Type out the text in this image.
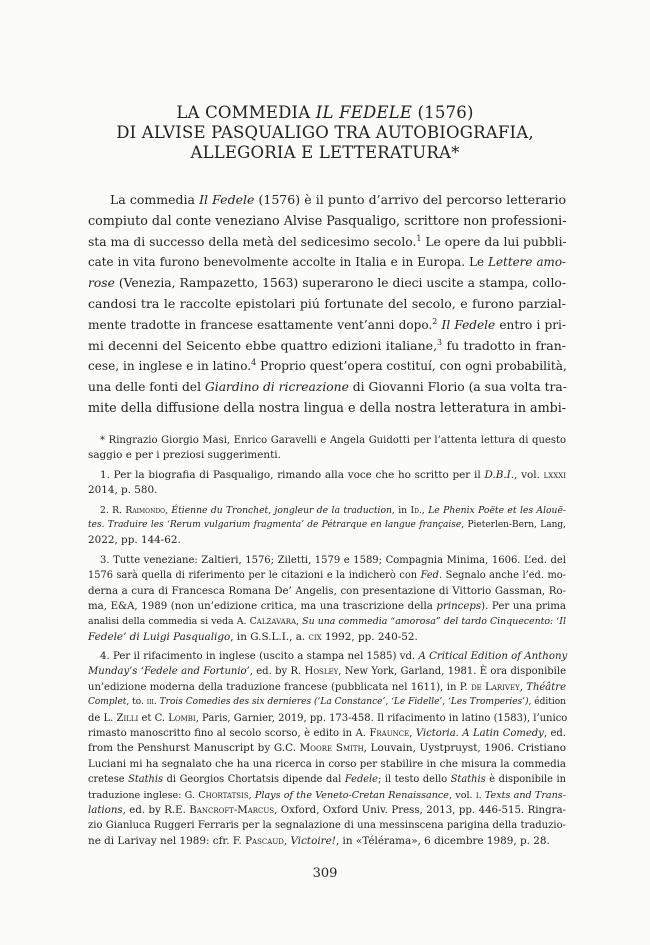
LA COMMEDIA IL FEDELE (1576)
DI ALVISE PASQUALIGO TRA AUTOBIOGRAFIA,
ALLEGORIA E LETTERATURA*
La commedia Il Fedele (1576) è il punto d’arrivo del percorso letterario
compiuto dal conte veneziano Alvise Pasqualigo, scrittore non professioni-
sta ma di successo della metà del sedicesimo secolo.$^1$ Le opere da lui pubbli-
cate in vita furono benevolmente accolte in Italia e in Europa. Le Lettere amo-
rose (Venezia, Rampazetto, 1563) superarono le dieci uscite a stampa, collo-
candosi tra le raccolte epistolari piú fortunate del secolo, e furono parzial-
mente tradotte in francese esattamente vent’anni dopo.$^2$ Il Fedele entro i pri-
mi decenni del Seicento ebbe quattro edizioni italiane,$^3$ fu tradotto in fran-
cese, in inglese e in latino.$^4$ Proprio quest’opera costituí, con ogni probabilità,
una delle fonti del Giardino di ricreazione di Giovanni Florio (a sua volta tra-
mite della diffusione della nostra lingua e della nostra letteratura in ambi-
* Ringrazio Giorgio Masi, Enrico Garavelli e Angela Guidotti per l’attenta lettura di questo
saggio e per i preziosi suggerimenti.
1. Per la biografia di Pasqualigo, rimando alla voce che ho scritto per il D.B.I., vol. lxxxi
2014, p. 580.
2. R. Raimondo, Étienne du Tronchet, jongleur de la traduction, in Id., Le Phenix Poëte et les Alouë-
tes. Traduire les ‘Rerum vulgarium fragmenta’ de Pétrarque en langue française, Pieterlen-Bern, Lang,
2022, pp. 144-62.
3. Tutte veneziane: Zaltieri, 1576; Ziletti, 1579 e 1589; Compagnia Minima, 1606. L’ed. del
1576 sarà quella di riferimento per le citazioni e la indicherò con Fed. Segnalo anche l’ed. mo-
derna a cura di Francesca Romana De’ Angelis, con presentazione di Vittorio Gassman, Ro-
ma, E&A, 1989 (non un’edizione critica, ma una trascrizione della princeps). Per una prima
analisi della commedia si veda A. Calzavara, Su una commedia “amorosa” del tardo Cinquecento: ‘Il
Fedele’ di Luigi Pasqualigo, in G.S.L.I., a. cix 1992, pp. 240-52.
4. Per il rifacimento in inglese (uscito a stampa nel 1585) vd. A Critical Edition of Anthony
Munday’s ‘Fedele and Fortunio’, ed. by R. Hosley, New York, Garland, 1981. È ora disponibile
un’edizione moderna della traduzione francese (pubblicata nel 1611), in P. de Larivey, Théâtre
Complet, to. iii. Trois Comedies des six dernieres (‘La Constance’, ‘Le Fidelle’, ‘Les Tromperies’), édition
de L. Zilli et C. Lombi, Paris, Garnier, 2019, pp. 173-458. Il rifacimento in latino (1583), l’unico
rimasto manoscritto fino al secolo scorso, è edito in A. Fraunce, Victoria. A Latin Comedy, ed.
from the Penshurst Manuscript by G.C. Moore Smith, Louvain, Uystpruyst, 1906. Cristiano
Luciani mi ha segnalato che ha una ricerca in corso per stabilire in che misura la commedia
cretese Stathis di Georgios Chortatsis dipende dal Fedele; il testo dello Stathis è disponibile in
traduzione inglese: G. Chortatsis, Plays of the Veneto-Cretan Renaissance, vol. i. Texts and Trans-
lations, ed. by R.E. Bancroft-Marcus, Oxford, Oxford Univ. Press, 2013, pp. 446-515. Ringra-
zio Gianluca Ruggeri Ferraris per la segnalazione di una messinscena parigina della traduzio-
ne di Larivay nel 1989: cfr. F. Pascaud, Victoire!, in «Télérama», 6 dicembre 1989, p. 28.
309
